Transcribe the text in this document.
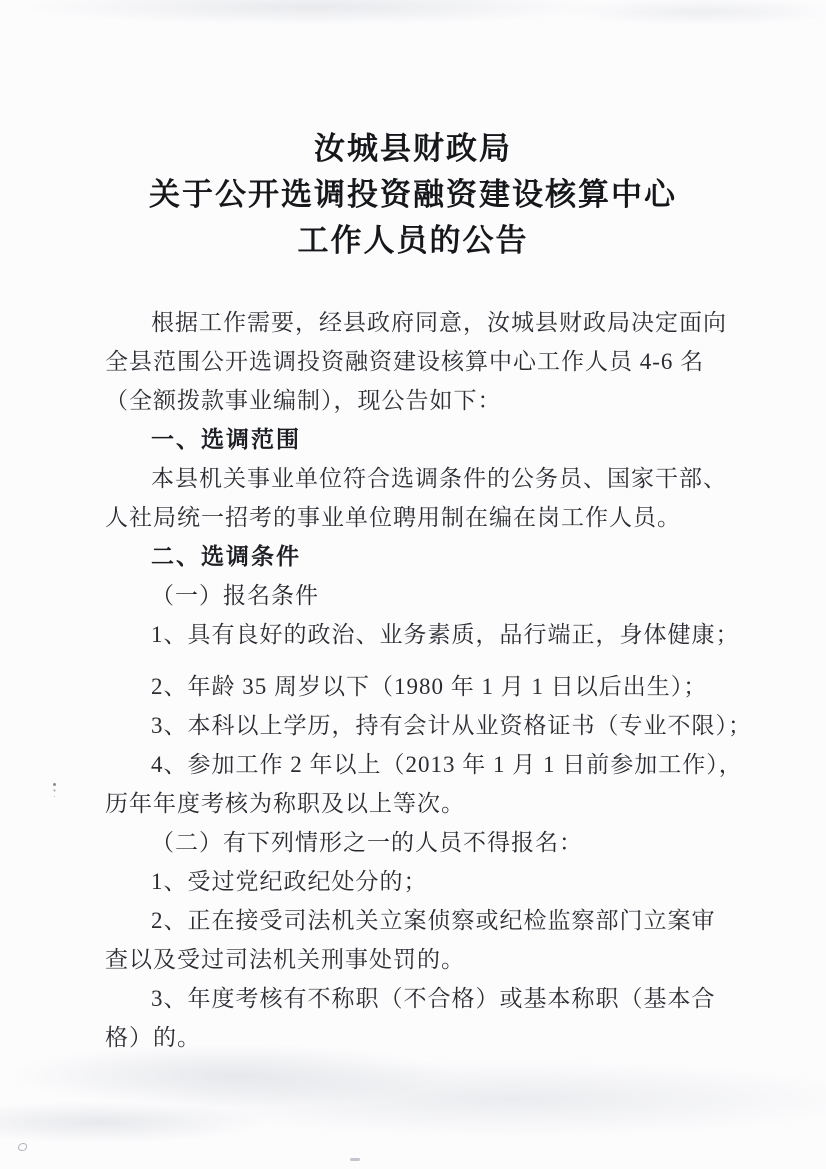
汝城县财政局
关于公开选调投资融资建设核算中心
工作人员的公告
根据工作需要，经县政府同意，汝城县财政局决定面向
全县范围公开选调投资融资建设核算中心工作人员 4-6 名
（全额拨款事业编制），现公告如下：
一、选调范围
本县机关事业单位符合选调条件的公务员、国家干部、
人社局统一招考的事业单位聘用制在编在岗工作人员。
二、选调条件
（一）报名条件
1、具有良好的政治、业务素质，品行端正，身体健康；
2、年龄 35 周岁以下（1980 年 1 月 1 日以后出生）；
3、本科以上学历，持有会计从业资格证书（专业不限）；
4、参加工作 2 年以上（2013 年 1 月 1 日前参加工作），
历年年度考核为称职及以上等次。
（二）有下列情形之一的人员不得报名：
1、受过党纪政纪处分的；
2、正在接受司法机关立案侦察或纪检监察部门立案审
查以及受过司法机关刑事处罚的。
3、年度考核有不称职（不合格）或基本称职（基本合
格）的。
